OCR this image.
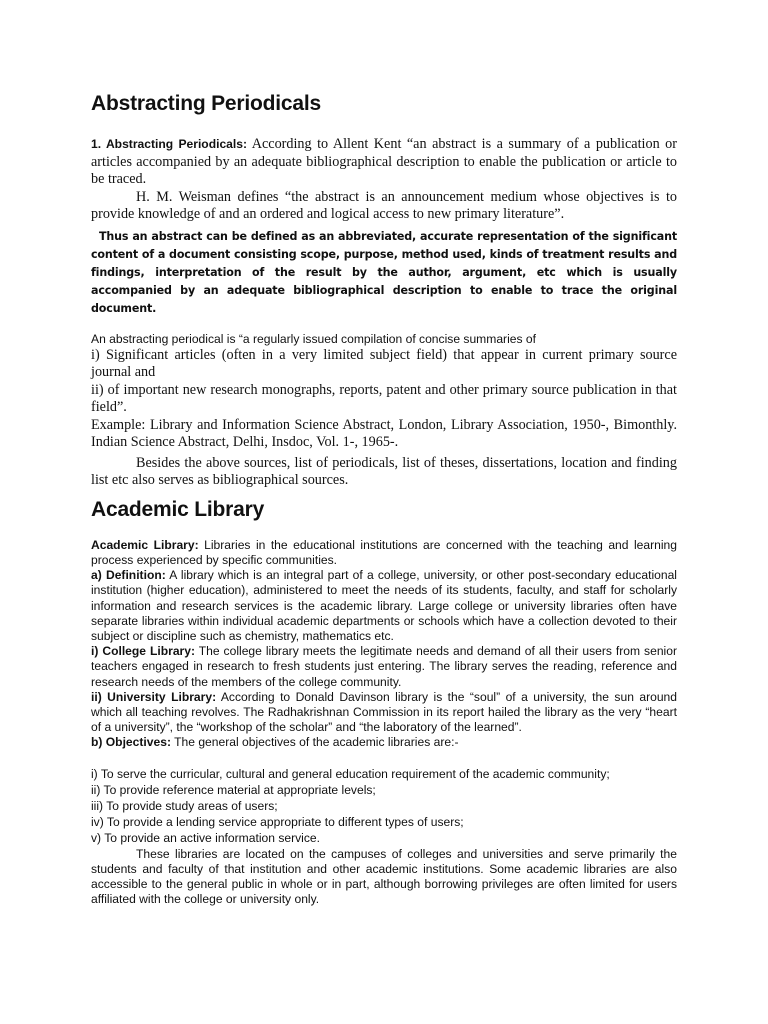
Abstracting Periodicals

1. Abstracting Periodicals: According to Allent Kent “an abstract is a summary of a publication or articles accompanied by an adequate bibliographical description to enable the publication or article to be traced.

H. M. Weisman defines “the abstract is an announcement medium whose objectives is to provide knowledge of and an ordered and logical access to new primary literature”.

Thus an abstract can be defined as an abbreviated, accurate representation of the significant content of a document consisting scope, purpose, method used, kinds of treatment results and findings, interpretation of the result by the author, argument, etc which is usually accompanied by an adequate bibliographical description to enable to trace the original document.

An abstracting periodical is “a regularly issued compilation of concise summaries of

i) Significant articles (often in a very limited subject field) that appear in current primary source journal and

ii) of important new research monographs, reports, patent and other primary source publication in that field”.

Example: Library and Information Science Abstract, London, Library Association, 1950-, Bimonthly. Indian Science Abstract, Delhi, Insdoc, Vol. 1-, 1965-.

Besides the above sources, list of periodicals, list of theses, dissertations, location and finding list etc also serves as bibliographical sources.

Academic Library

Academic Library: Libraries in the educational institutions are concerned with the teaching and learning process experienced by specific communities.

a) Definition: A library which is an integral part of a college, university, or other post-secondary educational institution (higher education), administered to meet the needs of its students, faculty, and staff for scholarly information and research services is the academic library. Large college or university libraries often have separate libraries within individual academic departments or schools which have a collection devoted to their subject or discipline such as chemistry, mathematics etc.

i) College Library: The college library meets the legitimate needs and demand of all their users from senior teachers engaged in research to fresh students just entering. The library serves the reading, reference and research needs of the members of the college community.

ii) University Library: According to Donald Davinson library is the “soul” of a university, the sun around which all teaching revolves. The Radhakrishnan Commission in its report hailed the library as the very “heart of a university”, the “workshop of the scholar” and “the laboratory of the learned”.

b) Objectives: The general objectives of the academic libraries are:-

i) To serve the curricular, cultural and general education requirement of the academic community;

ii) To provide reference material at appropriate levels;

iii) To provide study areas of users;

iv) To provide a lending service appropriate to different types of users;

v) To provide an active information service.

These libraries are located on the campuses of colleges and universities and serve primarily the students and faculty of that institution and other academic institutions. Some academic libraries are also accessible to the general public in whole or in part, although borrowing privileges are often limited for users affiliated with the college or university only.
